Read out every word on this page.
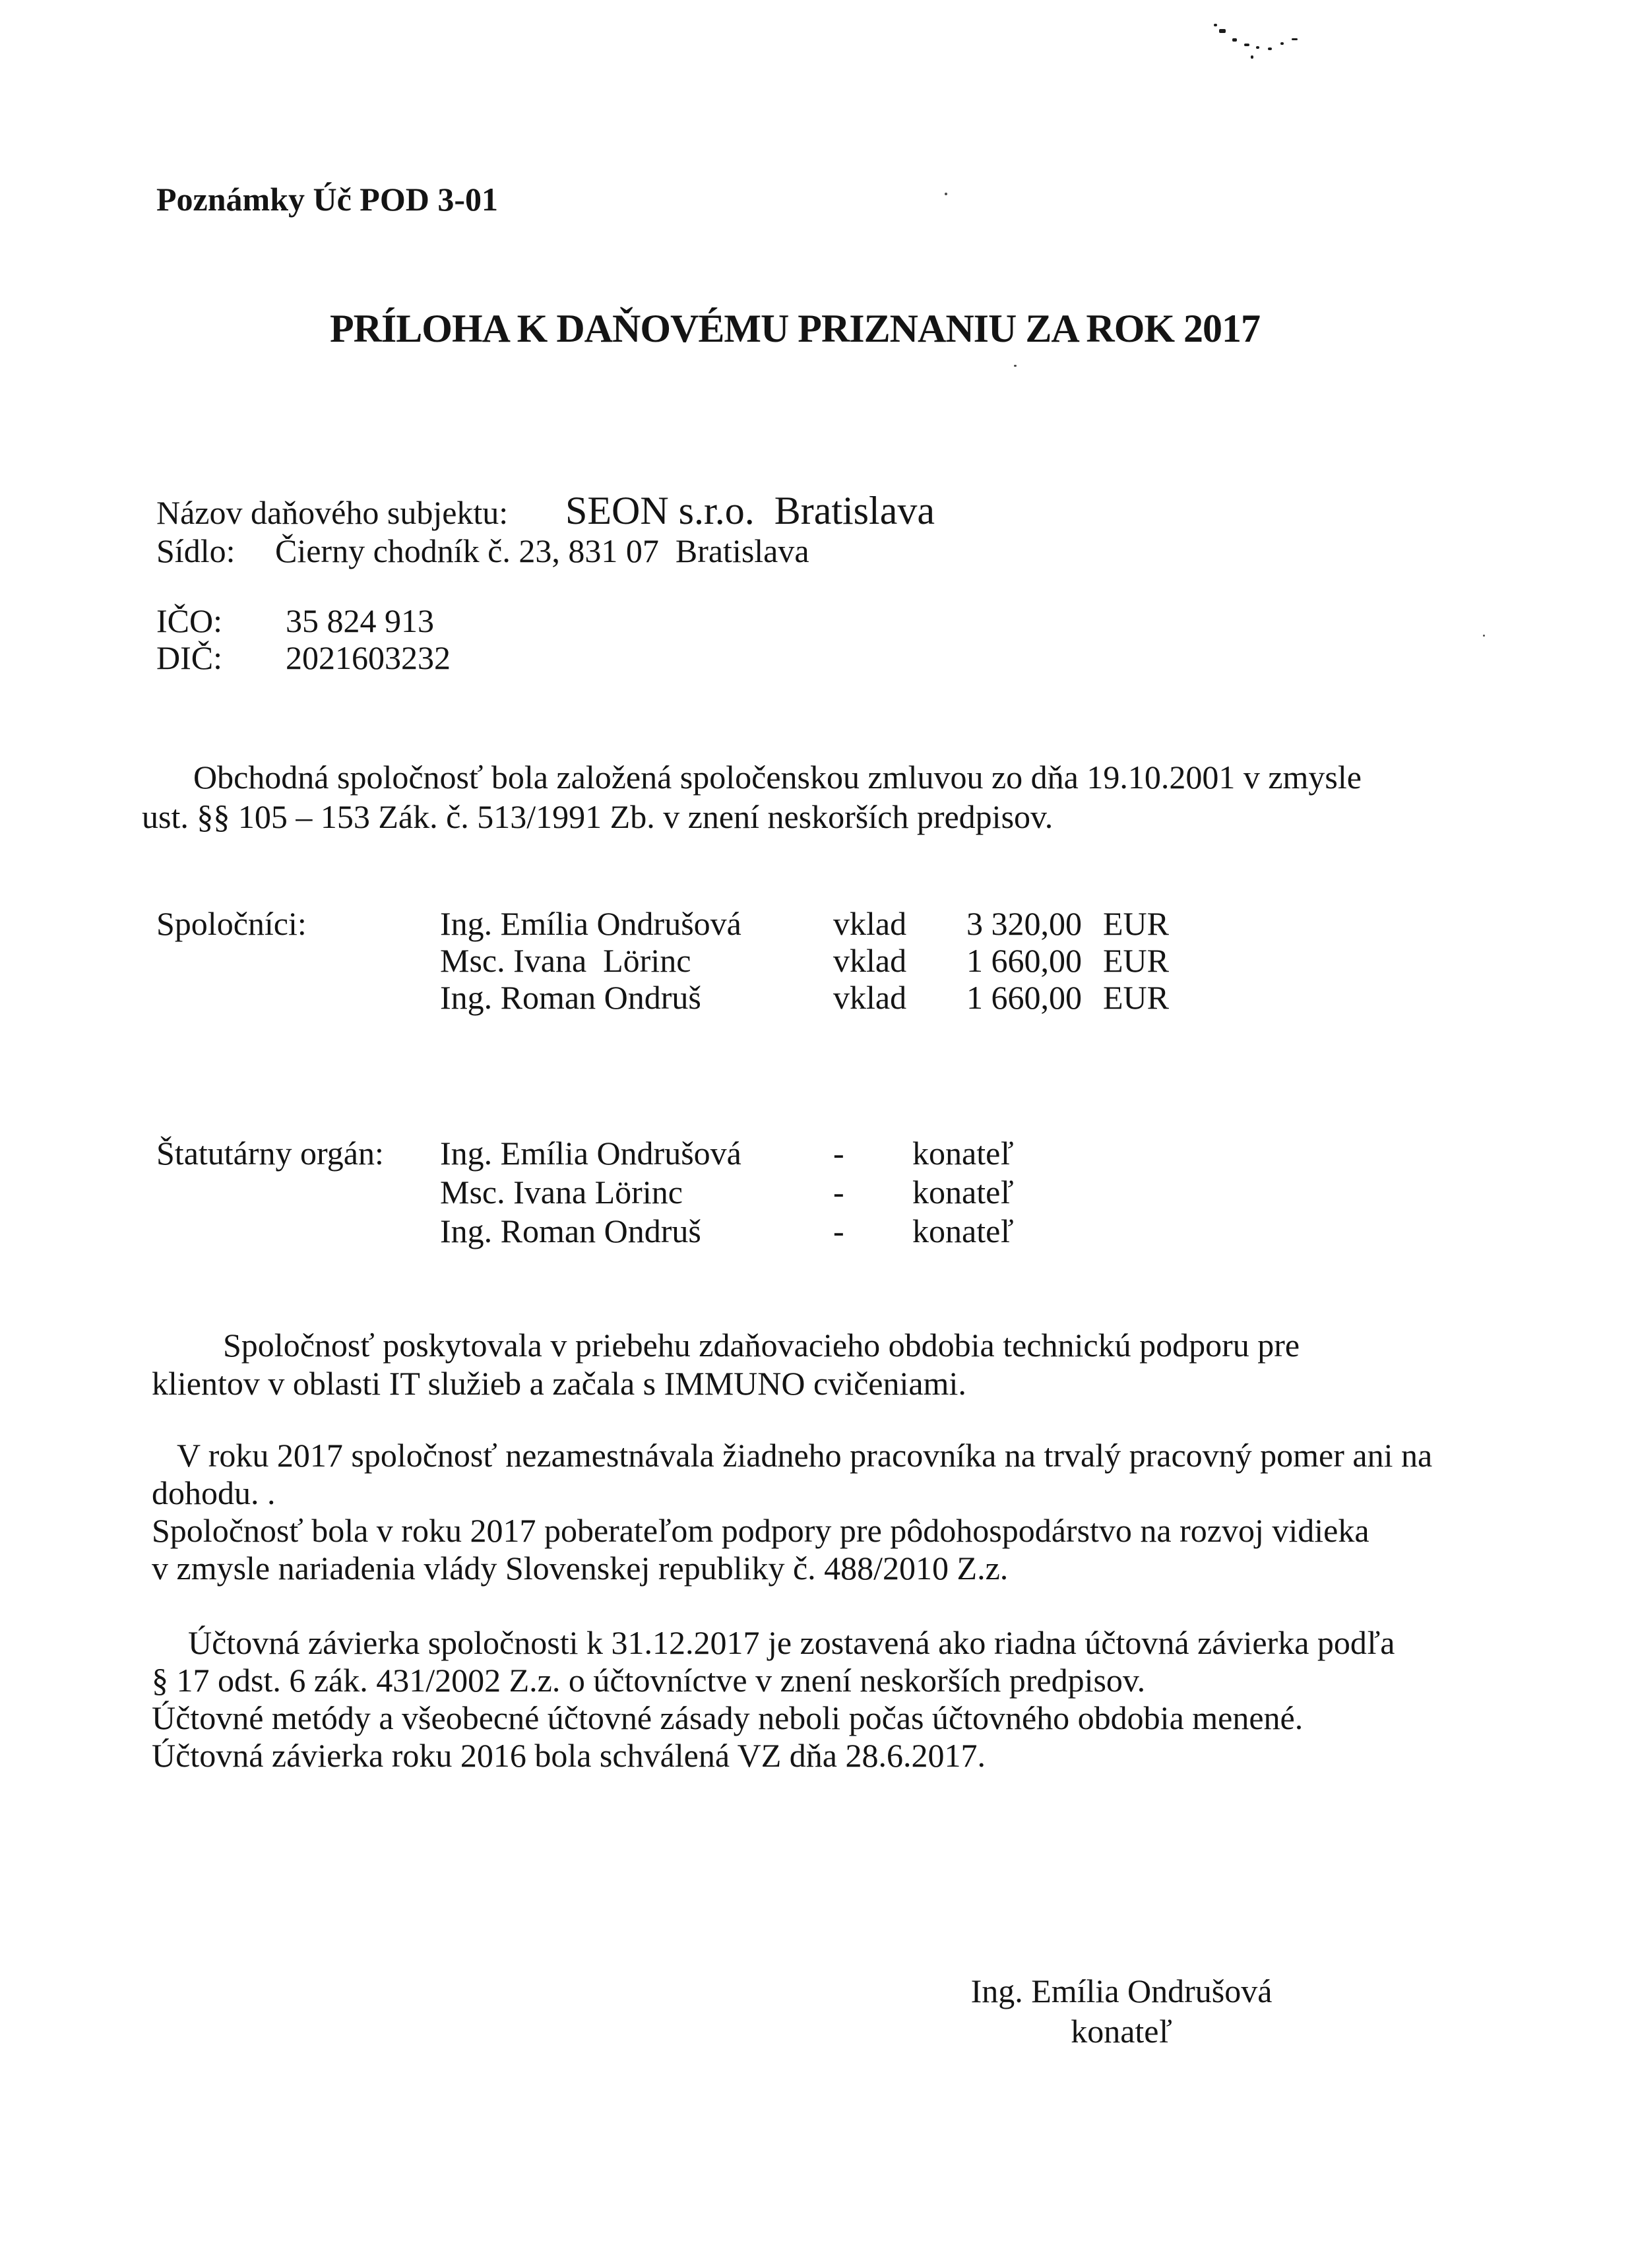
Poznámky Úč POD 3-01
PRÍLOHA K DAŇOVÉMU PRIZNANIU ZA ROK 2017
Názov daňového subjektu: SEON s.r.o.  Bratislava
Sídlo: Čierny chodník č. 23, 831 07  Bratislava
IČO: 35 824 913
DIČ: 2021603232
Obchodná spoločnosť bola založená spoločenskou zmluvou zo dňa 19.10.2001 v zmysle ust. §§ 105 – 153 Zák. č. 513/1991 Zb. v znení neskorších predpisov.
Spoločníci:	Ing. Emília Ondrušová	vklad 3 320,00 EUR
Msc. Ivana  Lörinc	vklad 1 660,00 EUR
Ing. Roman Ondruš	vklad 1 660,00 EUR
Štatutárny orgán: Ing. Emília Ondrušová	- konateľ
Msc. Ivana Lörinc	- konateľ
Ing. Roman Ondruš	- konateľ
Spoločnosť poskytovala v priebehu zdaňovacieho obdobia technickú podporu pre klientov v oblasti IT služieb a začala s IMMUNO cvičeniami.
V roku 2017 spoločnosť nezamestnávala žiadneho pracovníka na trvalý pracovný pomer ani na dohodu. .
Spoločnosť bola v roku 2017 poberateľom podpory pre pôdohospodárstvo na rozvoj vidieka v zmysle nariadenia vlády Slovenskej republiky č. 488/2010 Z.z.
Účtovná závierka spoločnosti k 31.12.2017 je zostavená ako riadna účtovná závierka podľa § 17 odst. 6 zák. 431/2002 Z.z. o účtovníctve v znení neskorších predpisov.
Účtovné metódy a všeobecné účtovné zásady neboli počas účtovného obdobia menené.
Účtovná závierka roku 2016 bola schválená VZ dňa 28.6.2017.
Ing. Emília Ondrušová
konateľ
